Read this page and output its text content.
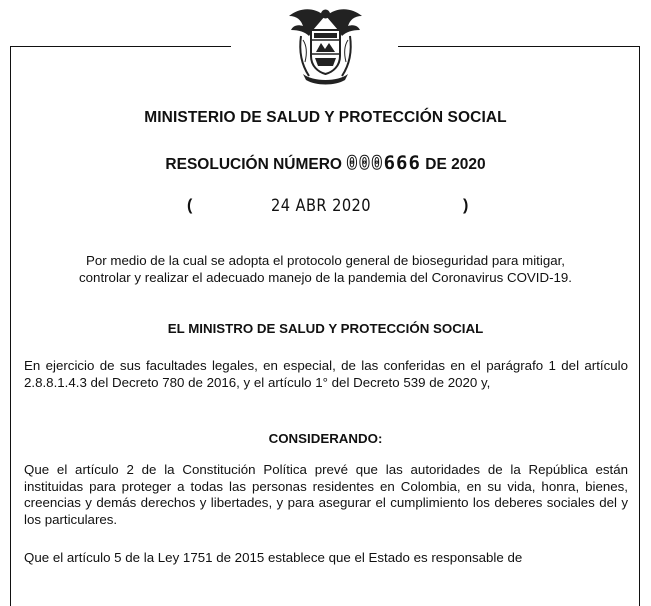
MINISTERIO DE SALUD Y PROTECCIÓN SOCIAL
RESOLUCIÓN NÚMERO 000666 DE 2020
(	24 ABR 2020	)
Por medio de la cual se adopta el protocolo general de bioseguridad para mitigar,
controlar y realizar el adecuado manejo de la pandemia del Coronavirus COVID-19.
EL MINISTRO DE SALUD Y PROTECCIÓN SOCIAL
En ejercicio de sus facultades legales, en especial, de las conferidas en el parágrafo 1 del artículo 2.8.8.1.4.3 del Decreto 780 de 2016, y el artículo 1° del Decreto 539 de 2020 y,
CONSIDERANDO:
Que el artículo 2 de la Constitución Política prevé que las autoridades de la República están instituidas para proteger a todas las personas residentes en Colombia, en su vida, honra, bienes, creencias y demás derechos y libertades, y para asegurar el cumplimiento los deberes sociales del y los particulares.
Que el artículo 5 de la Ley 1751 de 2015 establece que el Estado es responsable de
